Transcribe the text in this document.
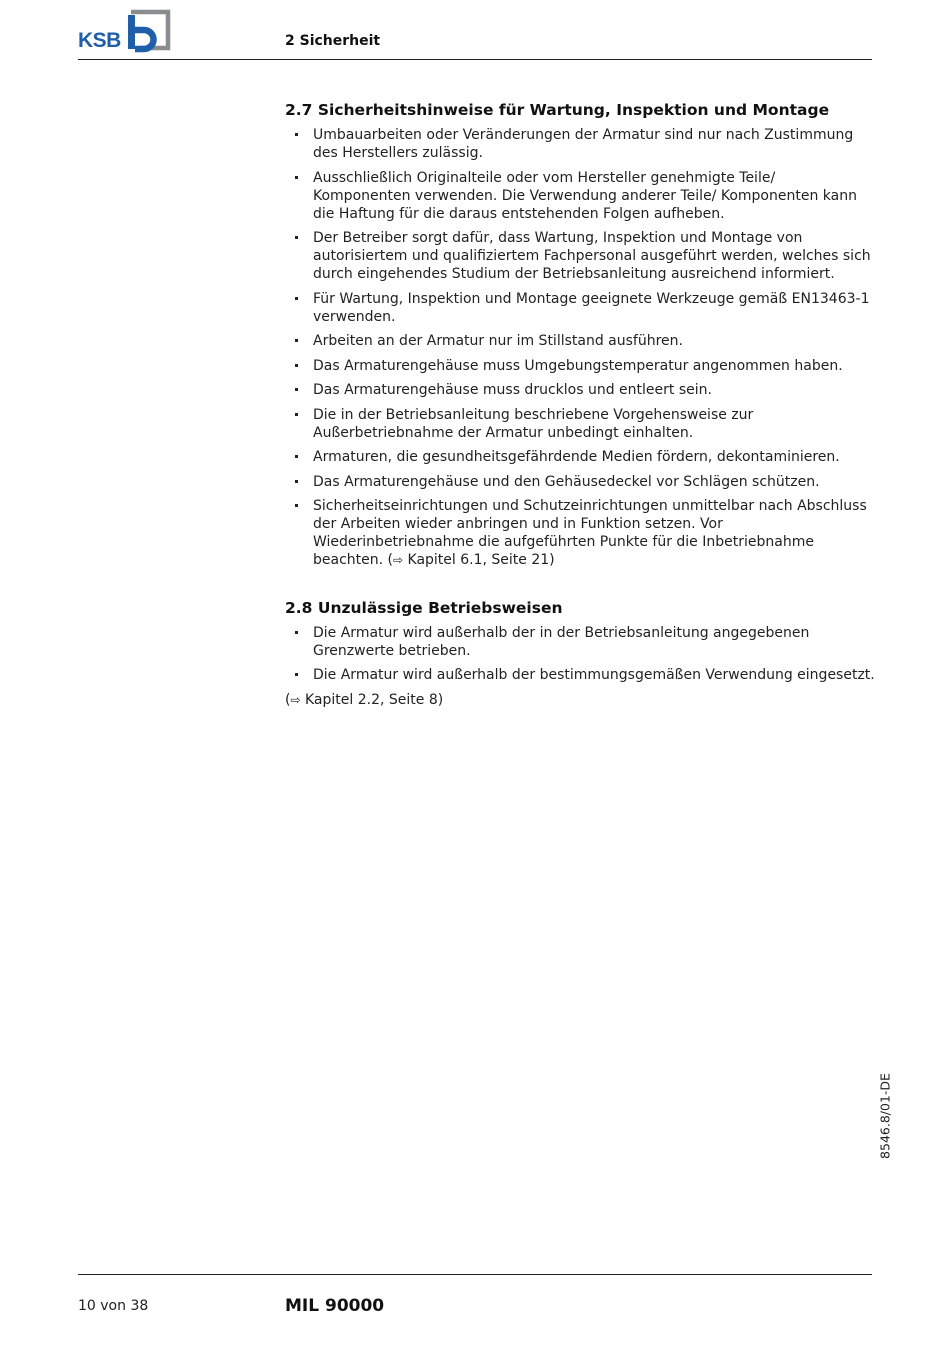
KSB	2 Sicherheit
2.7 Sicherheitshinweise für Wartung, Inspektion und Montage
Umbauarbeiten oder Veränderungen der Armatur sind nur nach Zustimmung des Herstellers zulässig.
Ausschließlich Originalteile oder vom Hersteller genehmigte Teile/ Komponenten verwenden. Die Verwendung anderer Teile/ Komponenten kann die Haftung für die daraus entstehenden Folgen aufheben.
Der Betreiber sorgt dafür, dass Wartung, Inspektion und Montage von autorisiertem und qualifiziertem Fachpersonal ausgeführt werden, welches sich durch eingehendes Studium der Betriebsanleitung ausreichend informiert.
Für Wartung, Inspektion und Montage geeignete Werkzeuge gemäß EN13463-1 verwenden.
Arbeiten an der Armatur nur im Stillstand ausführen.
Das Armaturengehäuse muss Umgebungstemperatur angenommen haben.
Das Armaturengehäuse muss drucklos und entleert sein.
Die in der Betriebsanleitung beschriebene Vorgehensweise zur Außerbetriebnahme der Armatur unbedingt einhalten.
Armaturen, die gesundheitsgefährdende Medien fördern, dekontaminieren.
Das Armaturengehäuse und den Gehäusedeckel vor Schlägen schützen.
Sicherheitseinrichtungen und Schutzeinrichtungen unmittelbar nach Abschluss der Arbeiten wieder anbringen und in Funktion setzen. Vor Wiederinbetriebnahme die aufgeführten Punkte für die Inbetriebnahme beachten. (⇨ Kapitel 6.1, Seite 21)
2.8 Unzulässige Betriebsweisen
Die Armatur wird außerhalb der in der Betriebsanleitung angegebenen Grenzwerte betrieben.
Die Armatur wird außerhalb der bestimmungsgemäßen Verwendung eingesetzt.
(⇨ Kapitel 2.2, Seite 8)
8546.8/01-DE
10 von 38	MIL 90000
